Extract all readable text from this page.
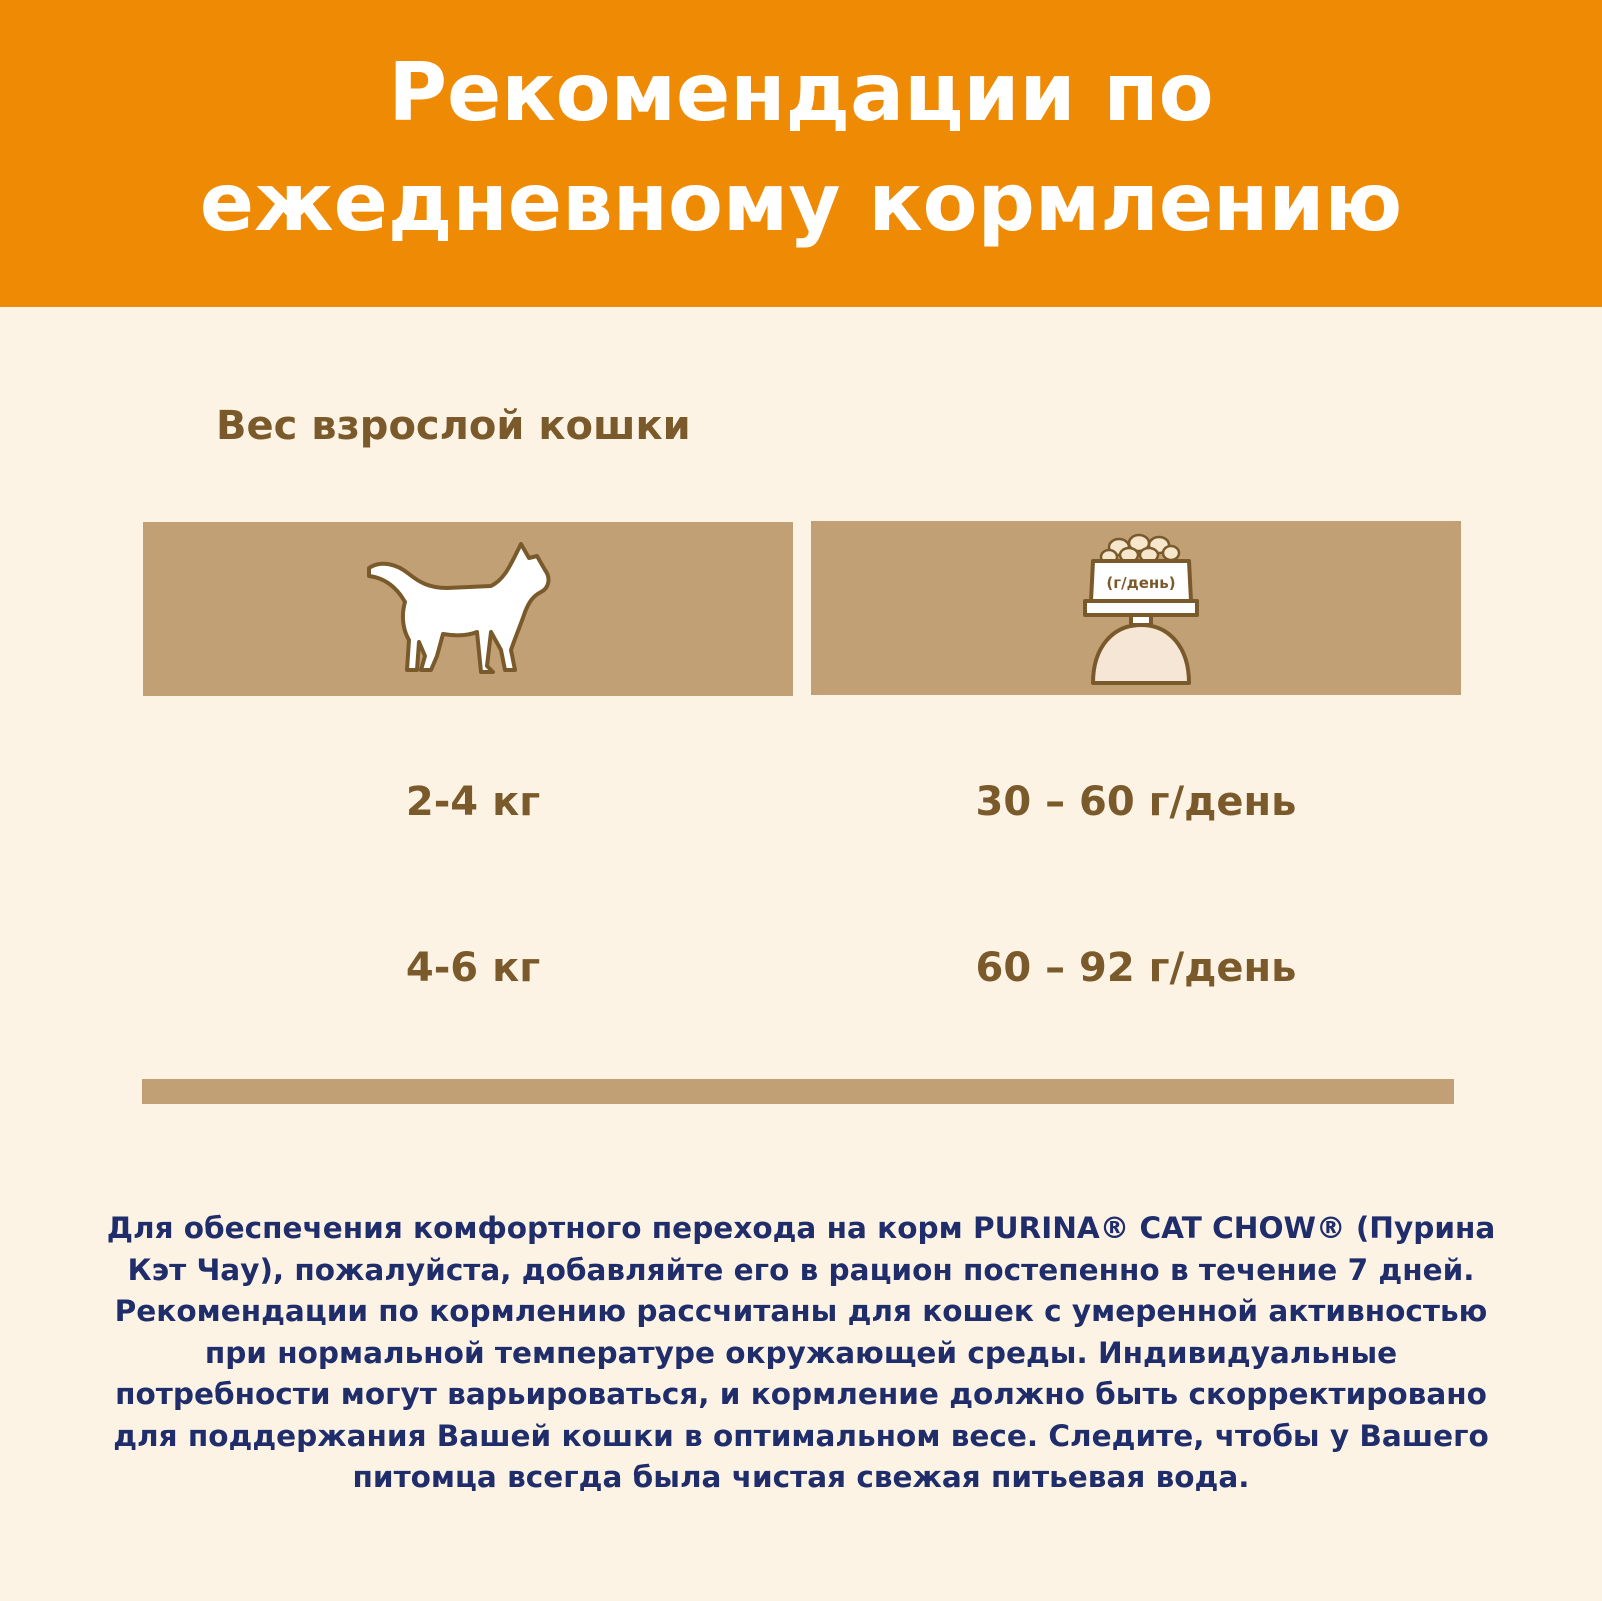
Рекомендации по
ежедневному кормлению
Вес взрослой кошки
(г/день)
2-4 кг	30 – 60 г/день
4-6 кг	60 – 92 г/день

Для обеспечения комфортного перехода на корм PURINA® CAT CHOW® (Пурина
Кэт Чау), пожалуйста, добавляйте его в рацион постепенно в течение 7 дней.
Рекомендации по кормлению рассчитаны для кошек с умеренной активностью
при нормальной температуре окружающей среды. Индивидуальные
потребности могут варьироваться, и кормление должно быть скорректировано
для поддержания Вашей кошки в оптимальном весе. Следите, чтобы у Вашего
питомца всегда была чистая свежая питьевая вода.
